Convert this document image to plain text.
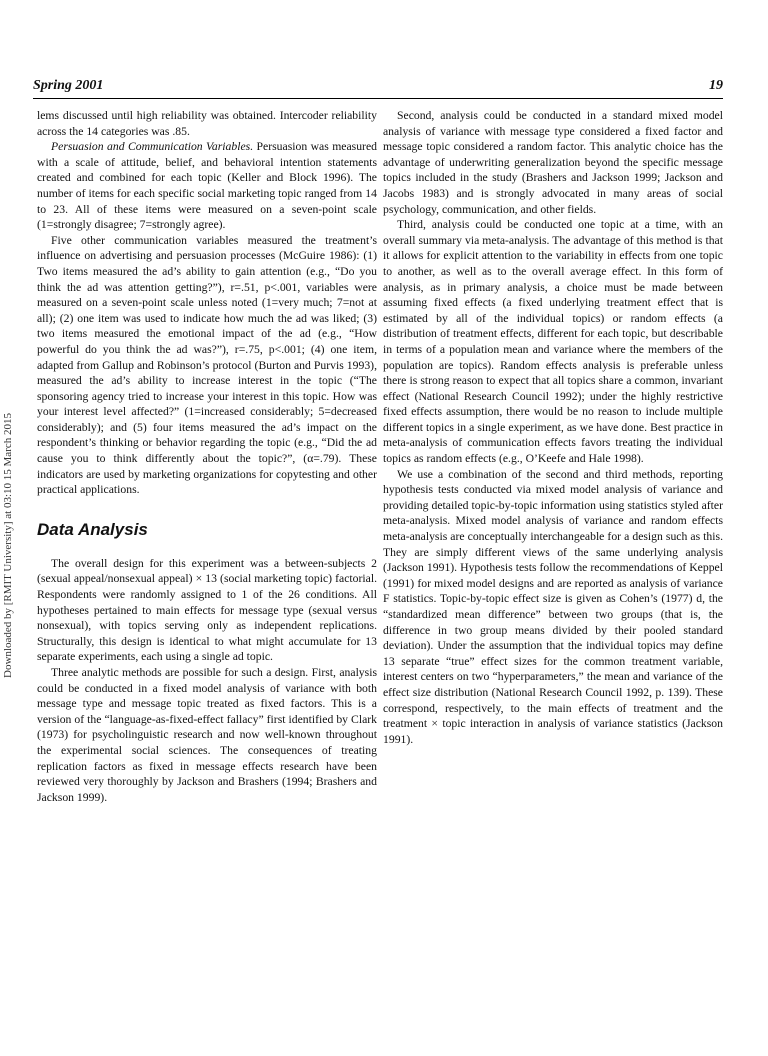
Spring 2001	19
Downloaded by [RMIT University] at 03:10 15 March 2015

lems discussed until high reliability was obtained. Intercoder reliability across the 14 categories was .85.

Persuasion and Communication Variables. Persuasion was measured with a scale of attitude, belief, and behavioral intention statements created and combined for each topic (Keller and Block 1996). The number of items for each specific social marketing topic ranged from 14 to 23. All of these items were measured on a seven-point scale (1=strongly disagree; 7=strongly agree).

Five other communication variables measured the treatment’s influence on advertising and persuasion processes (McGuire 1986): (1) Two items measured the ad’s ability to gain attention (e.g., “Do you think the ad was attention getting?”), r=.51, p<.001, variables were measured on a seven-point scale unless noted (1=very much; 7=not at all); (2) one item was used to indicate how much the ad was liked; (3) two items measured the emotional impact of the ad (e.g., “How powerful do you think the ad was?”), r=.75, p<.001; (4) one item, adapted from Gallup and Robinson’s protocol (Burton and Purvis 1993), measured the ad’s ability to increase interest in the topic (“The sponsoring agency tried to increase your interest in this topic. How was your interest level affected?” (1=increased considerably; 5=decreased considerably); and (5) four items measured the ad’s impact on the respondent’s thinking or behavior regarding the topic (e.g., “Did the ad cause you to think differently about the topic?”, (α=.79). These indicators are used by marketing organizations for copytesting and other practical applications.

Data Analysis

The overall design for this experiment was a between-subjects 2 (sexual appeal/nonsexual appeal) × 13 (social marketing topic) factorial. Respondents were randomly assigned to 1 of the 26 conditions. All hypotheses pertained to main effects for message type (sexual versus nonsexual), with topics serving only as independent replications. Structurally, this design is identical to what might accumulate for 13 separate experiments, each using a single ad topic.

Three analytic methods are possible for such a design. First, analysis could be conducted in a fixed model analysis of variance with both message type and message topic treated as fixed factors. This is a version of the “language-as-fixed-effect fallacy” first identified by Clark (1973) for psycholinguistic research and now well-known throughout the experimental social sciences. The consequences of treating replication factors as fixed in message effects research have been reviewed very thoroughly by Jackson and Brashers (1994; Brashers and Jackson 1999).

Second, analysis could be conducted in a standard mixed model analysis of variance with message type considered a fixed factor and message topic considered a random factor. This analytic choice has the advantage of underwriting generalization beyond the specific message topics included in the study (Brashers and Jackson 1999; Jackson and Jacobs 1983) and is strongly advocated in many areas of social psychology, communication, and other fields.

Third, analysis could be conducted one topic at a time, with an overall summary via meta-analysis. The advantage of this method is that it allows for explicit attention to the variability in effects from one topic to another, as well as to the overall average effect. In this form of analysis, as in primary analysis, a choice must be made between assuming fixed effects (a fixed underlying treatment effect that is estimated by all of the individual topics) or random effects (a distribution of treatment effects, different for each topic, but describable in terms of a population mean and variance where the members of the population are topics). Random effects analysis is preferable unless there is strong reason to expect that all topics share a common, invariant effect (National Research Council 1992); under the highly restrictive fixed effects assumption, there would be no reason to include multiple different topics in a single experiment, as we have done. Best practice in meta-analysis of communication effects favors treating the individual topics as random effects (e.g., O’Keefe and Hale 1998).

We use a combination of the second and third methods, reporting hypothesis tests conducted via mixed model analysis of variance and providing detailed topic-by-topic information using statistics styled after meta-analysis. Mixed model analysis of variance and random effects meta-analysis are conceptually interchangeable for a design such as this. They are simply different views of the same underlying analysis (Jackson 1991). Hypothesis tests follow the recommendations of Keppel (1991) for mixed model designs and are reported as analysis of variance F statistics. Topic-by-topic effect size is given as Cohen’s (1977) d, the “standardized mean difference” between two groups (that is, the difference in two group means divided by their pooled standard deviation). Under the assumption that the individual topics may define 13 separate “true” effect sizes for the common treatment variable, interest centers on two “hyperparameters,” the mean and variance of the effect size distribution (National Research Council 1992, p. 139). These correspond, respectively, to the main effects of treatment and the treatment × topic interaction in analysis of variance statistics (Jackson 1991).
